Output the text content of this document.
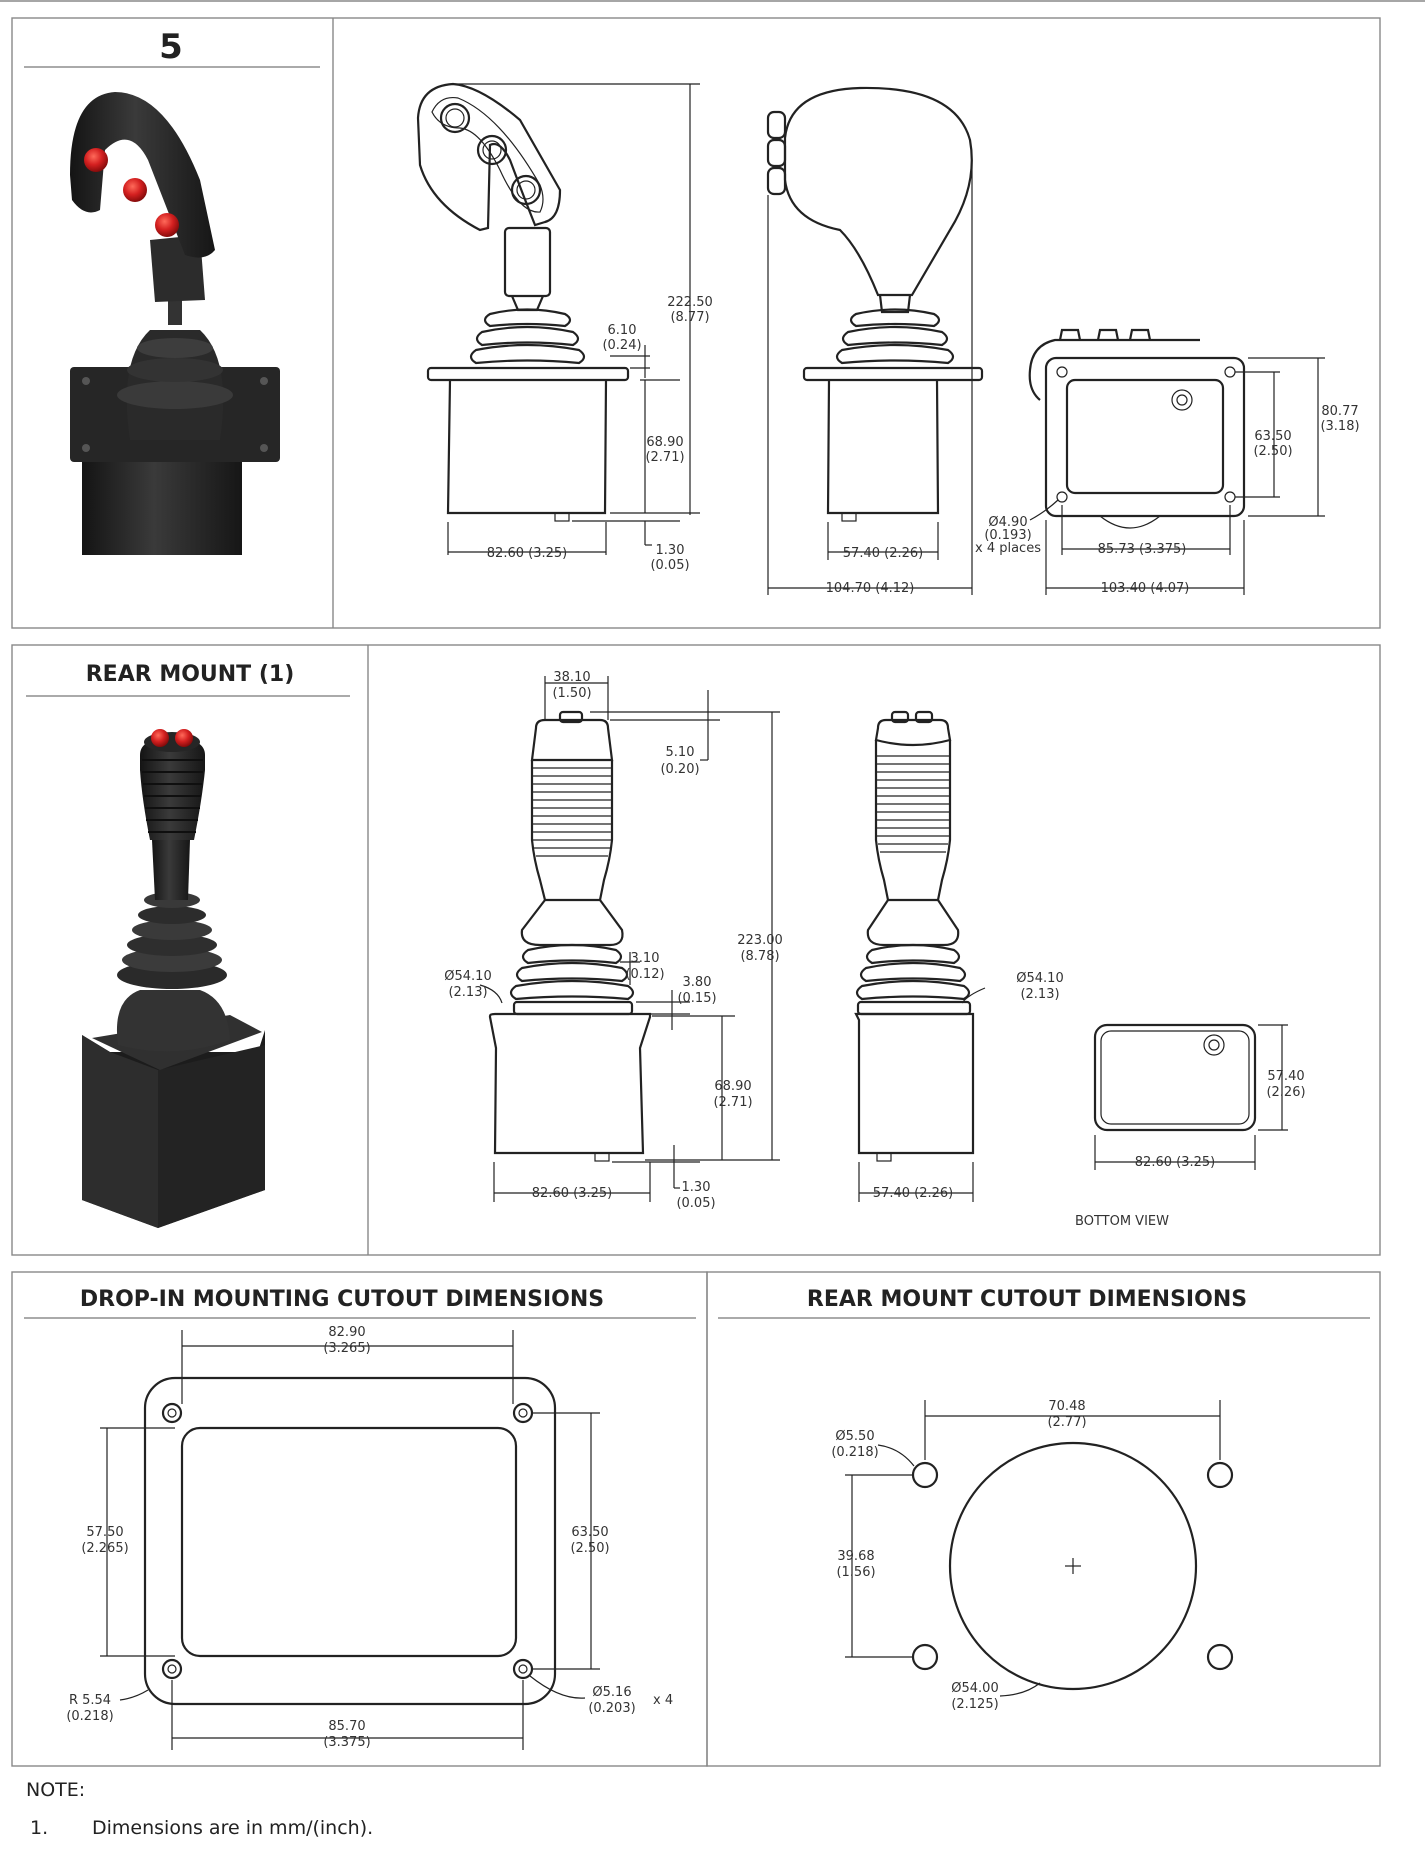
5
222.50
(8.77)
6.10
(0.24)
68.90
(2.71)
82.60 (3.25)	1.30
(0.05)
104.70 (4.12)
57.40 (2.26)	85.73 (3.375)
103.40 (4.07)
63.50
(2.50)
80.77
(3.18)
Ø4.90
(0.193)
x 4 places
REAR MOUNT (1)	38.10
(1.50)
5.10
(0.20)
223.00
(8.78)
3.10
(0.12)
3.80
(0.15)
68.90
(2.71)
Ø54.10
(2.13)
82.60 (3.25)	1.30
(0.05)
57.40 (2.26)
Ø54.10
(2.13)
57.40
(2.26)
82.60 (3.25)
BOTTOM VIEW
DROP-IN MOUNTING CUTOUT DIMENSIONS
82.90
(3.265)
57.50
(2.265)
63.50
(2.50)
85.70
(3.375)
R 5.54
(0.218)
Ø5.16
(0.203)
x 4
REAR MOUNT CUTOUT DIMENSIONS
70.48
(2.77)
Ø5.50
(0.218)
39.68
(1.56)
Ø54.00
(2.125)
NOTE:
1. Dimensions are in mm/(inch).
